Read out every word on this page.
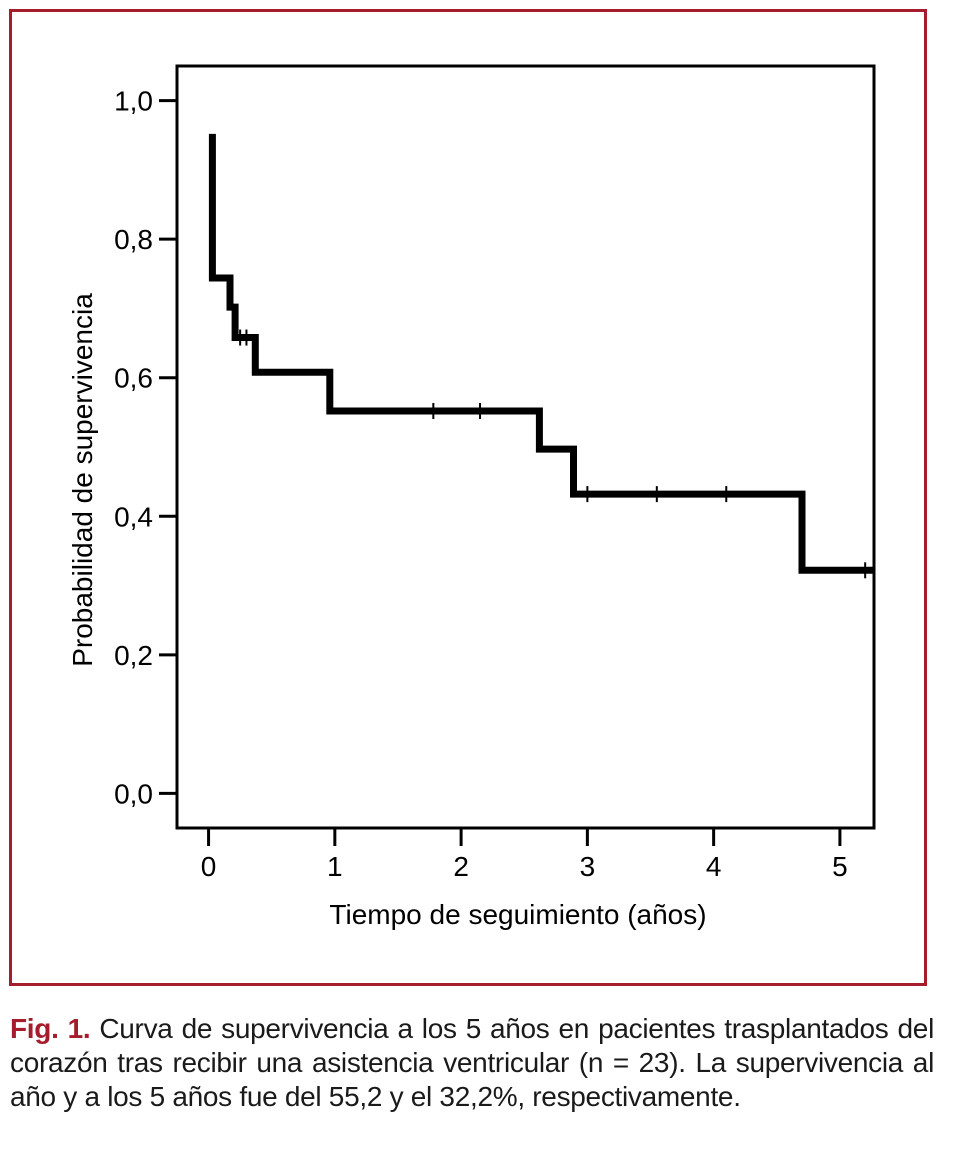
0,0
0,2
0,4
0,6
0,8
1,0
0	1	2	3	4	5
Tiempo de seguimiento (años)
Probabilidad de supervivencia
Fig. 1. Curva de supervivencia a los 5 años en pacientes trasplantados del corazón tras recibir una asistencia ventricular (n = 23). La supervivencia al año y a los 5 años fue del 55,2 y el 32,2%, respectivamente.
